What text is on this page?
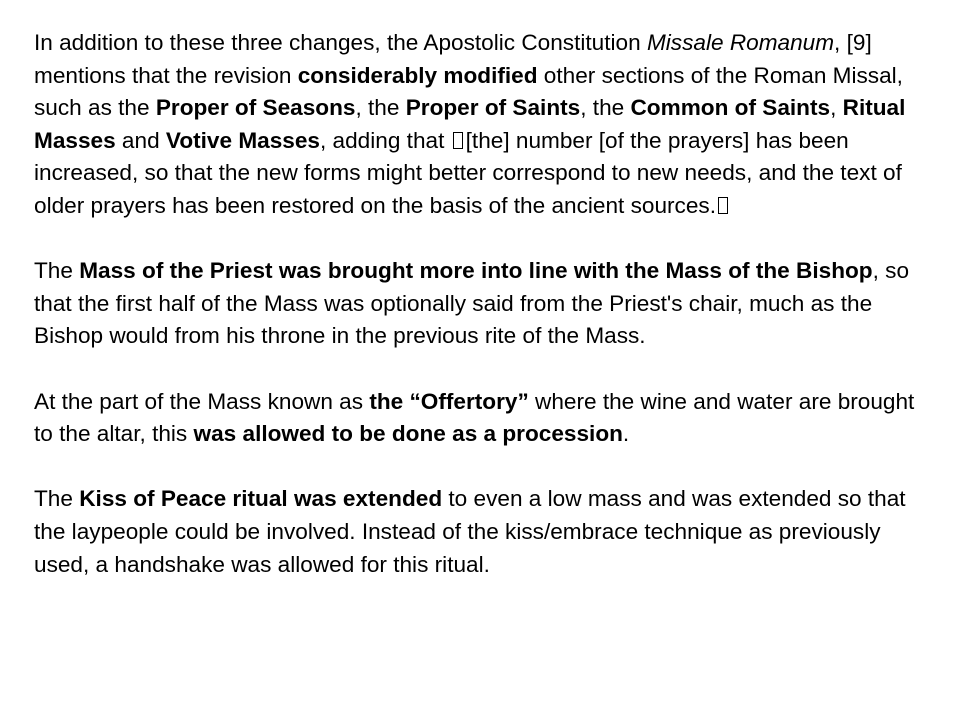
In addition to these three changes, the Apostolic Constitution Missale Romanum, [9] mentions that the revision considerably modified other sections of the Roman Missal, such as the Proper of Seasons, the Proper of Saints, the Common of Saints, Ritual Masses and Votive Masses, adding that [the] number [of the prayers] has been increased, so that the new forms might better correspond to new needs, and the text of older prayers has been restored on the basis of the ancient sources.

The Mass of the Priest was brought more into line with the Mass of the Bishop, so that the first half of the Mass was optionally said from the Priest's chair, much as the Bishop would from his throne in the previous rite of the Mass.

At the part of the Mass known as the “Offertory” where the wine and water are brought to the altar, this was allowed to be done as a procession.

The Kiss of Peace ritual was extended to even a low mass and was extended so that the laypeople could be involved. Instead of the kiss/embrace technique as previously used, a handshake was allowed for this ritual.
